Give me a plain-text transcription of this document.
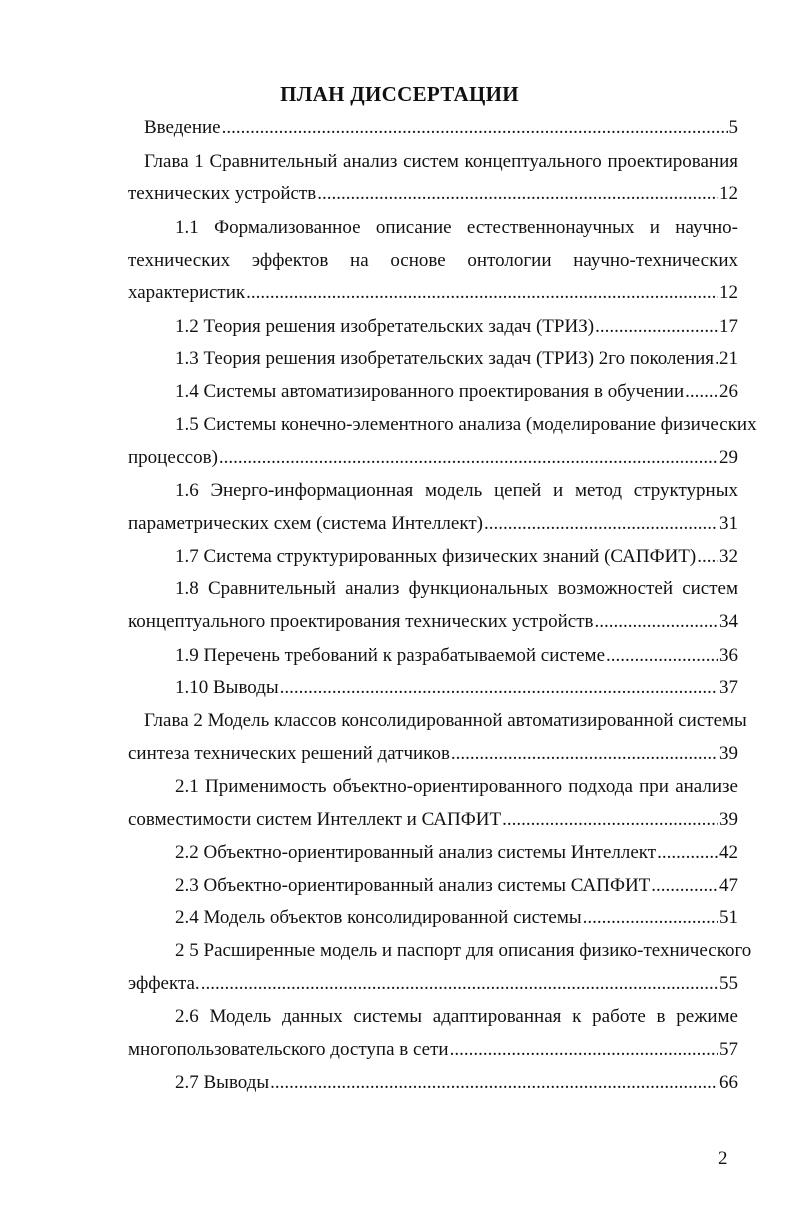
ПЛАН ДИССЕРТАЦИИ
Введение .....	5
Глава 1 Сравнительный анализ систем концептуального проектирования
технических устройств .....	12
1.1 Формализованное описание естественнонаучных и научно-
технических эффектов на основе онтологии научно-технических
характеристик .....	12
1.2 Теория решения изобретательских задач (ТРИЗ) .....	17
1.3 Теория решения изобретательских задач (ТРИЗ) 2го поколения ..... 21
1.4 Системы автоматизированного проектирования в обучении ..... 26
1.5 Системы конечно-элементного анализа (моделирование физических
процессов) .....	29
1.6 Энерго-информационная модель цепей и метод структурных
параметрических схем (система Интеллект) .....	31
1.7 Система структурированных физических знаний (САПФИТ) ..... 32
1.8 Сравнительный анализ функциональных возможностей систем
концептуального проектирования технических устройств .....	34
1.9 Перечень требований к разрабатываемой системе .....	36
1.10 Выводы .....	37
Глава 2 Модель классов консолидированной автоматизированной системы
синтеза технических решений датчиков .....	39
2.1 Применимость объектно-ориентированного подхода при анализе
совместимости систем Интеллект и САПФИТ .....	39
2.2 Объектно-ориентированный анализ системы Интеллект .....	42
2.3 Объектно-ориентированный анализ системы САПФИТ .....	47
2.4 Модель объектов консолидированной системы .....	51
2 5 Расширенные модель и паспорт для описания физико-технического
эффекта. .....	55
2.6 Модель данных системы адаптированная к работе в режиме
многопользовательского доступа в сети .....	57
2.7 Выводы .....	66
2
